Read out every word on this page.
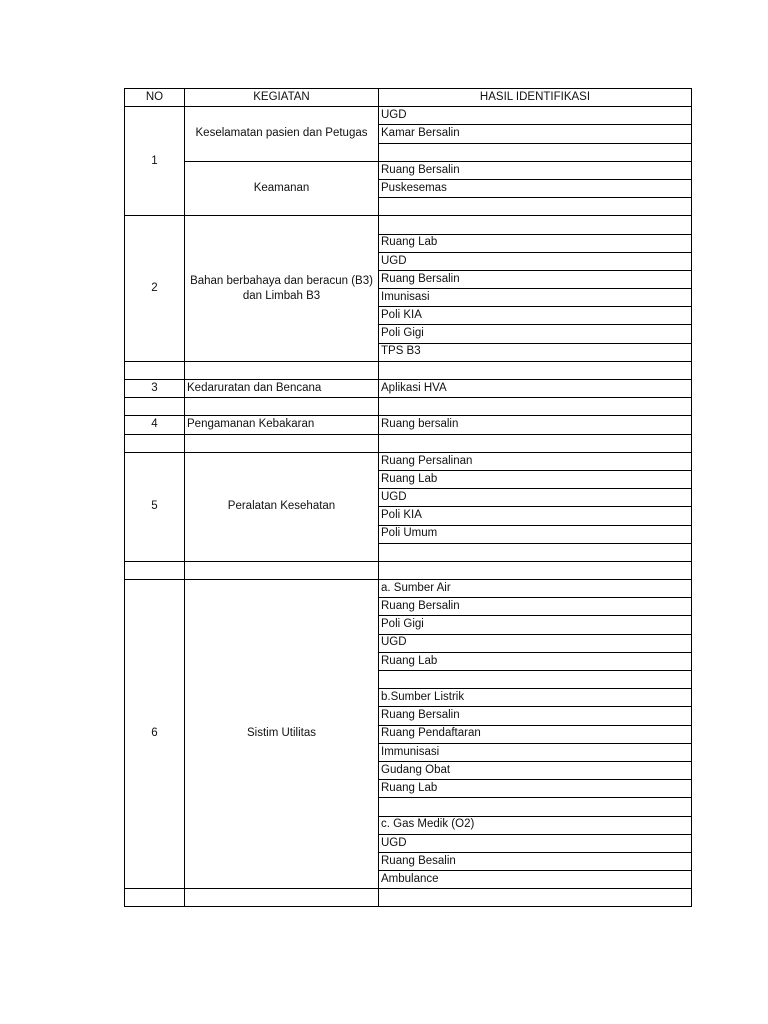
NO	KEGIATAN	HASIL IDENTIFIKASI
1	Keselamatan pasien dan Petugas	UGD
		Kamar Bersalin

	Keamanan	Ruang Bersalin
		Puskesemas

2	Bahan berbahaya dan beracun (B3) dan Limbah B3	
		Ruang Lab
		UGD
		Ruang Bersalin
		Imunisasi
		Poli KIA
		Poli Gigi
		TPS B3

3	Kedaruratan dan Bencana	Aplikasi HVA

4	Pengamanan Kebakaran	Ruang bersalin

5	Peralatan Kesehatan	Ruang Persalinan
		Ruang Lab
		UGD
		Poli KIA
		Poli Umum

6	Sistim Utilitas	a. Sumber Air
		Ruang Bersalin
		Poli Gigi
		UGD
		Ruang Lab

		b.Sumber Listrik
		Ruang Bersalin
		Ruang Pendaftaran
		Immunisasi
		Gudang Obat
		Ruang Lab

		c. Gas Medik (O2)
		UGD
		Ruang Besalin
		Ambulance
